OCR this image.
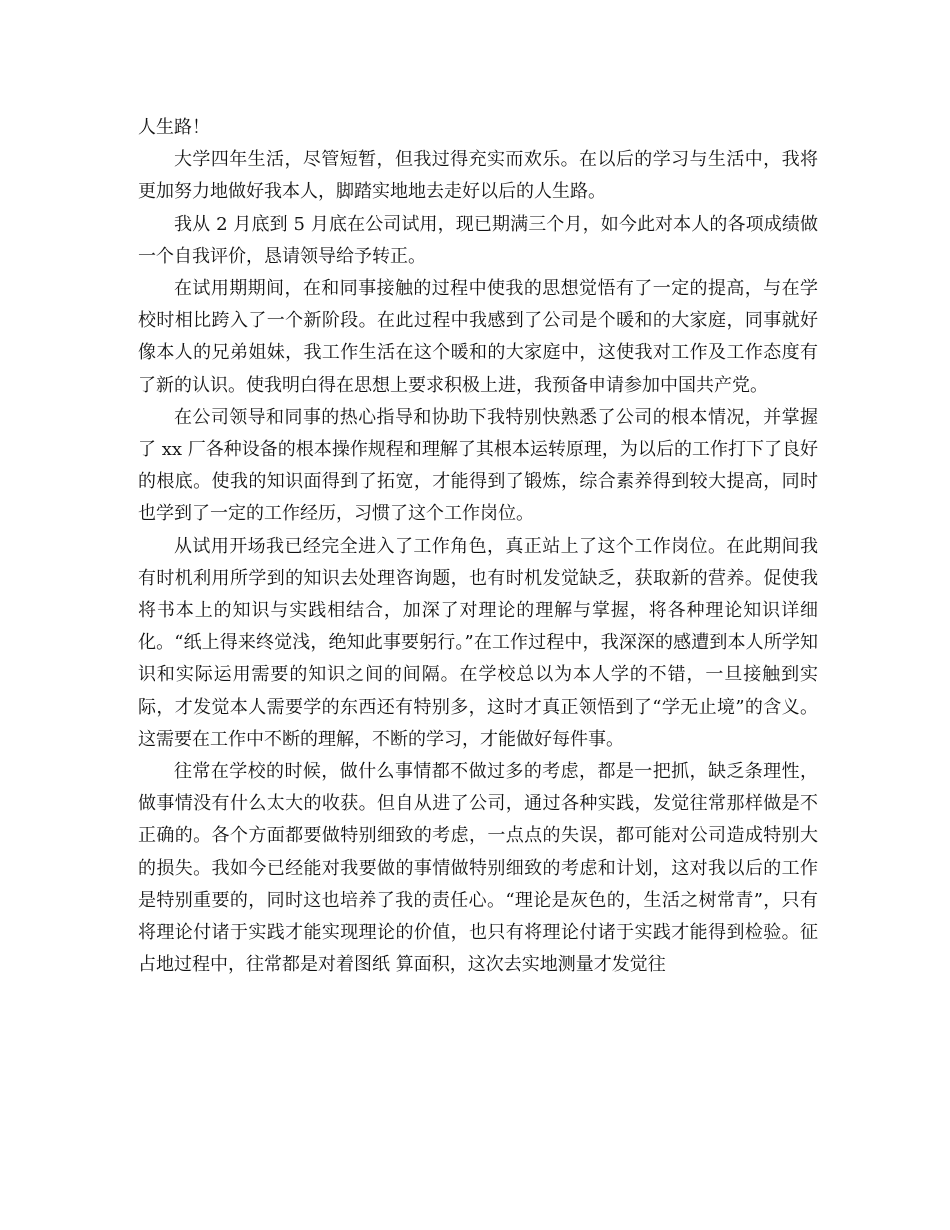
人生路！

大学四年生活，尽管短暂，但我过得充实而欢乐。在以后的学习与生活中，我将更加努力地做好我本人，脚踏实地地去走好以后的人生路。

我从 2 月底到 5 月底在公司试用，现已期满三个月，如今此对本人的各项成绩做一个自我评价，恳请领导给予转正。

在试用期期间，在和同事接触的过程中使我的思想觉悟有了一定的提高，与在学校时相比跨入了一个新阶段。在此过程中我感到了公司是个暖和的大家庭，同事就好像本人的兄弟姐妹，我工作生活在这个暖和的大家庭中，这使我对工作及工作态度有了新的认识。使我明白得在思想上要求积极上进，我预备申请参加中国共产党。

在公司领导和同事的热心指导和协助下我特别快熟悉了公司的根本情况，并掌握了 xx 厂各种设备的根本操作规程和理解了其根本运转原理，为以后的工作打下了良好的根底。使我的知识面得到了拓宽，才能得到了锻炼，综合素养得到较大提高，同时也学到了一定的工作经历，习惯了这个工作岗位。

从试用开场我已经完全进入了工作角色，真正站上了这个工作岗位。在此期间我有时机利用所学到的知识去处理咨询题，也有时机发觉缺乏，获取新的营养。促使我将书本上的知识与实践相结合，加深了对理论的理解与掌握，将各种理论知识详细化。“纸上得来终觉浅，绝知此事要躬行。”在工作过程中，我深深的感遭到本人所学知识和实际运用需要的知识之间的间隔。在学校总以为本人学的不错，一旦接触到实际，才发觉本人需要学的东西还有特别多，这时才真正领悟到了“学无止境”的含义。这需要在工作中不断的理解，不断的学习，才能做好每件事。

往常在学校的时候，做什么事情都不做过多的考虑，都是一把抓，缺乏条理性，做事情没有什么太大的收获。但自从进了公司，通过各种实践，发觉往常那样做是不正确的。各个方面都要做特别细致的考虑，一点点的失误，都可能对公司造成特别大的损失。我如今已经能对我要做的事情做特别细致的考虑和计划，这对我以后的工作是特别重要的，同时这也培养了我的责任心。“理论是灰色的，生活之树常青”，只有将理论付诸于实践才能实现理论的价值，也只有将理论付诸于实践才能得到检验。征占地过程中，往常都是对着图纸 算面积，这次去实地测量才发觉往
